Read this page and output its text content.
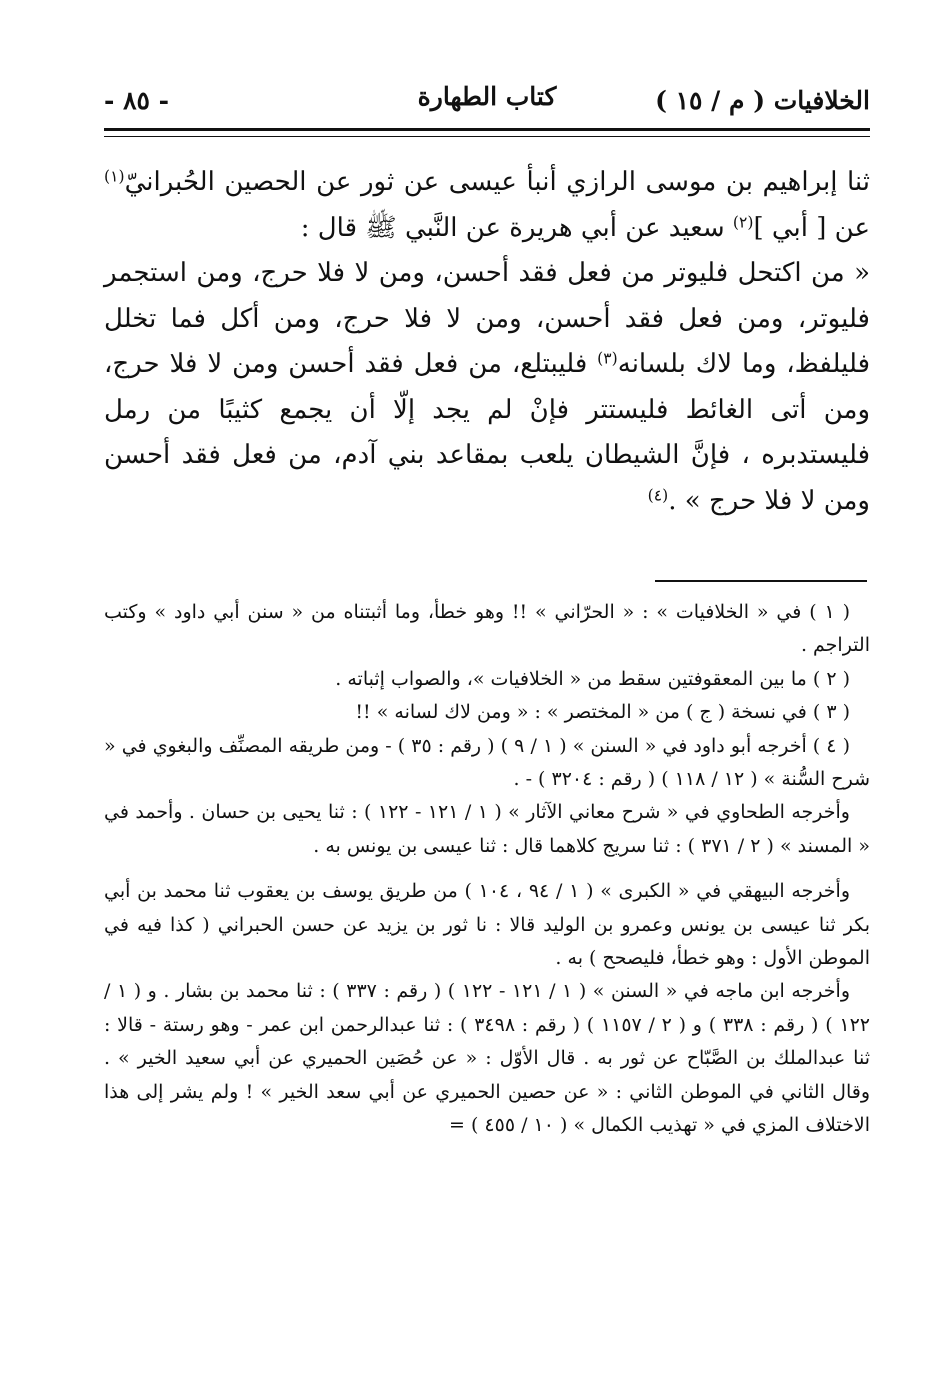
الخلافيات ( م / ١٥ )
كتاب الطهارة
- ٨٥ -

ثنا إبراهيم بن موسى الرازي أنبأ عيسى عن ثور عن الحصين الحُبرانيّ$^{(١)}$ عن [ أبي ]$^{(٢)}$ سعيد عن أبي هريرة عن النَّبي ﷺ قال :

« من اكتحل فليوتر من فعل فقد أحسن، ومن لا فلا حرج، ومن استجمر فليوتر، ومن فعل فقد أحسن، ومن لا فلا حرج، ومن أكل فما تخلل فليلفظ، وما لاك بلسانه$^{(٣)}$ فليبتلع، من فعل فقد أحسن ومن لا فلا حرج، ومن أتى الغائط فليستتر فإنْ لم يجد إلّا أن يجمع كثيبًا من رمل فليستدبره ، فإنَّ الشيطان يلعب بمقاعد بني آدم، من فعل فقد أحسن ومن لا فلا حرج » .$^{(٤)}$

( ١ ) في « الخلافيات » : « الحرّاني » !! وهو خطأ، وما أثبتناه من « سنن أبي داود » وكتب التراجم .

( ٢ ) ما بين المعقوفتين سقط من « الخلافيات »، والصواب إثباته .

( ٣ ) في نسخة ( ج ) من « المختصر » : « ومن لاك لسانه » !!

( ٤ ) أخرجه أبو داود في « السنن » ( ١ / ٩ ) ( رقم : ٣٥ ) - ومن طريقه المصنِّف والبغوي في « شرح السُّنة » ( ١٢ / ١١٨ ) ( رقم : ٣٢٠٤ ) - .

وأخرجه الطحاوي في « شرح معاني الآثار » ( ١ / ١٢١ - ١٢٢ ) : ثنا يحيى بن حسان . وأحمد في « المسند » ( ٢ / ٣٧١ ) : ثنا سريج كلاهما قال : ثنا عيسى بن يونس به .

وأخرجه البيهقي في « الكبرى » ( ١ / ٩٤ ، ١٠٤ ) من طريق يوسف بن يعقوب ثنا محمد بن أبي بكر ثنا عيسى بن يونس وعمرو بن الوليد قالا : نا ثور بن يزيد عن حسن الحبراني ( كذا فيه في الموطن الأول : وهو خطأ، فليصحح ) به .

وأخرجه ابن ماجه في « السنن » ( ١ / ١٢١ - ١٢٢ ) ( رقم : ٣٣٧ ) : ثنا محمد بن بشار . و ( ١ / ١٢٢ ) ( رقم : ٣٣٨ ) و ( ٢ / ١١٥٧ ) ( رقم : ٣٤٩٨ ) : ثنا عبدالرحمن ابن عمر - وهو رستة - قالا : ثنا عبدالملك بن الصَّبّاح عن ثور به . قال الأوّل : « عن حُصَين الحميري عن أبي سعيد الخير » . وقال الثاني في الموطن الثاني : « عن حصين الحميري عن أبي سعد الخير » ! ولم يشر إلى هذا الاختلاف المزي في « تهذيب الكمال » ( ١٠ / ٤٥٥ ) =
